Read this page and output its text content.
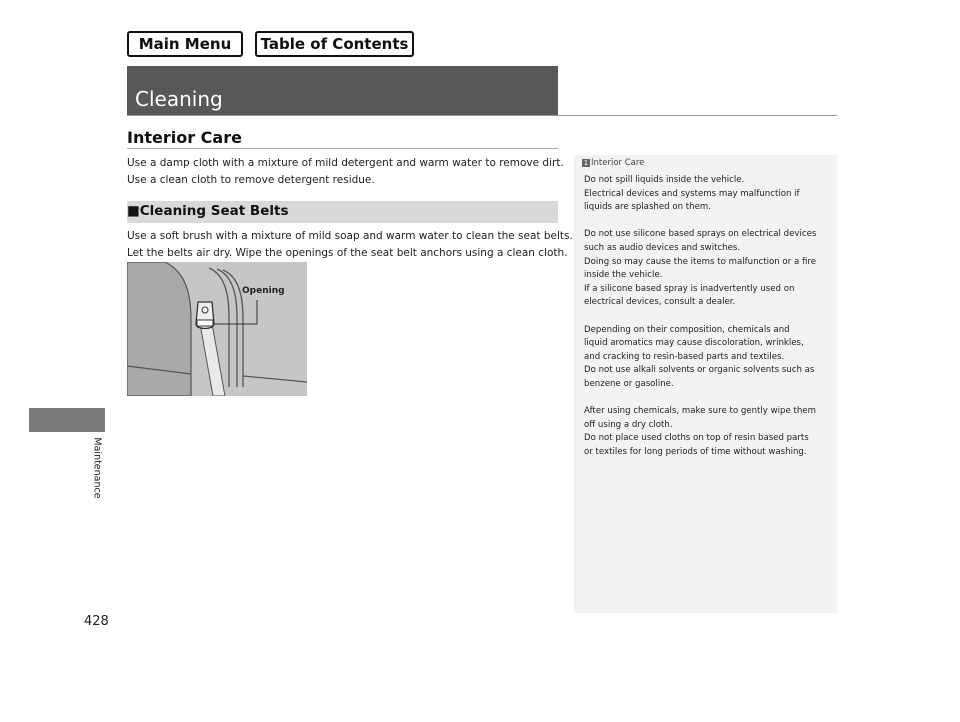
Main Menu	Table of Contents
Cleaning
Maintenance
428
Interior Care

Use a damp cloth with a mixture of mild detergent and warm water to remove dirt.
Use a clean cloth to remove detergent residue.

■Cleaning Seat Belts

Use a soft brush with a mixture of mild soap and warm water to clean the seat belts.
Let the belts air dry. Wipe the openings of the seat belt anchors using a clean cloth.

Opening
1 Interior Care

Do not spill liquids inside the vehicle.
Electrical devices and systems may malfunction if
liquids are splashed on them.

Do not use silicone based sprays on electrical devices
such as audio devices and switches.
Doing so may cause the items to malfunction or a fire
inside the vehicle.
If a silicone based spray is inadvertently used on
electrical devices, consult a dealer.

Depending on their composition, chemicals and
liquid aromatics may cause discoloration, wrinkles,
and cracking to resin-based parts and textiles.
Do not use alkali solvents or organic solvents such as
benzene or gasoline.

After using chemicals, make sure to gently wipe them
off using a dry cloth.
Do not place used cloths on top of resin based parts
or textiles for long periods of time without washing.
